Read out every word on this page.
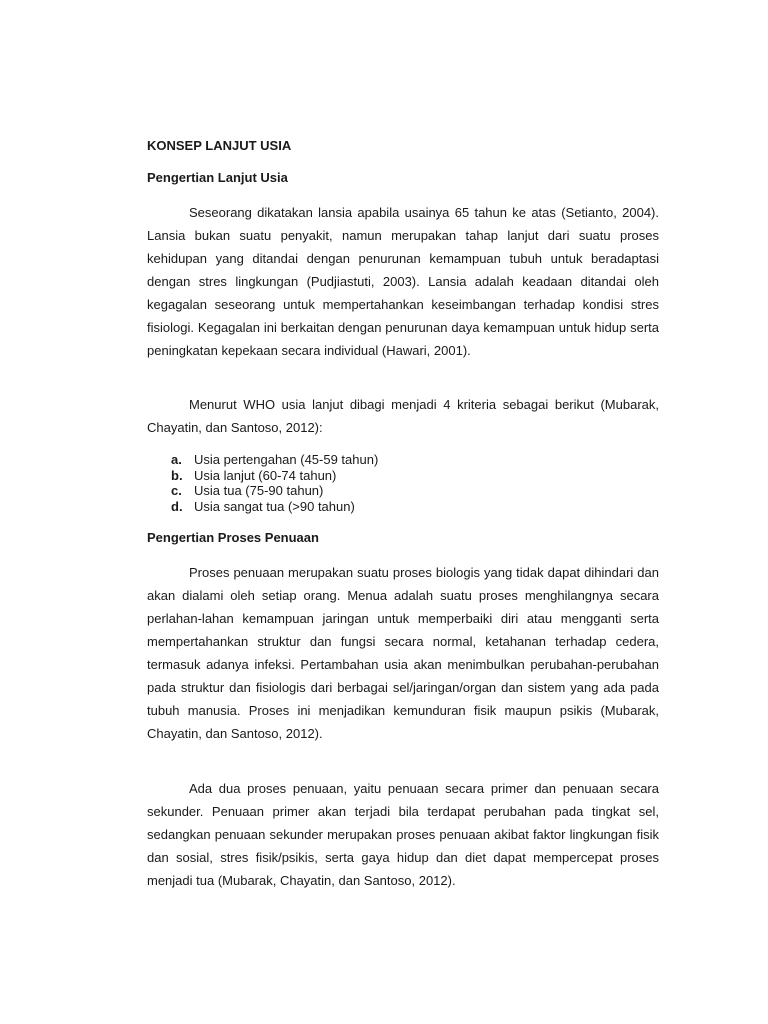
KONSEP LANJUT USIA
Pengertian Lanjut Usia

Seseorang dikatakan lansia apabila usainya 65 tahun ke atas (Setianto, 2004). Lansia bukan suatu penyakit, namun merupakan tahap lanjut dari suatu proses kehidupan yang ditandai dengan penurunan kemampuan tubuh untuk beradaptasi dengan stres lingkungan (Pudjiastuti, 2003). Lansia adalah keadaan ditandai oleh kegagalan seseorang untuk mempertahankan keseimbangan terhadap kondisi stres fisiologi. Kegagalan ini berkaitan dengan penurunan daya kemampuan untuk hidup serta peningkatan kepekaan secara individual (Hawari, 2001).

Menurut WHO usia lanjut dibagi menjadi 4 kriteria sebagai berikut (Mubarak, Chayatin, dan Santoso, 2012):

a. Usia pertengahan (45-59 tahun)
b. Usia lanjut (60-74 tahun)
c. Usia tua (75-90 tahun)
d. Usia sangat tua (>90 tahun)
Pengertian Proses Penuaan

Proses penuaan merupakan suatu proses biologis yang tidak dapat dihindari dan akan dialami oleh setiap orang. Menua adalah suatu proses menghilangnya secara perlahan-lahan kemampuan jaringan untuk memperbaiki diri atau mengganti serta mempertahankan struktur dan fungsi secara normal, ketahanan terhadap cedera, termasuk adanya infeksi. Pertambahan usia akan menimbulkan perubahan-perubahan pada struktur dan fisiologis dari berbagai sel/jaringan/organ dan sistem yang ada pada tubuh manusia. Proses ini menjadikan kemunduran fisik maupun psikis (Mubarak, Chayatin, dan Santoso, 2012).

Ada dua proses penuaan, yaitu penuaan secara primer dan penuaan secara sekunder. Penuaan primer akan terjadi bila terdapat perubahan pada tingkat sel, sedangkan penuaan sekunder merupakan proses penuaan akibat faktor lingkungan fisik dan sosial, stres fisik/psikis, serta gaya hidup dan diet dapat mempercepat proses menjadi tua (Mubarak, Chayatin, dan Santoso, 2012).
